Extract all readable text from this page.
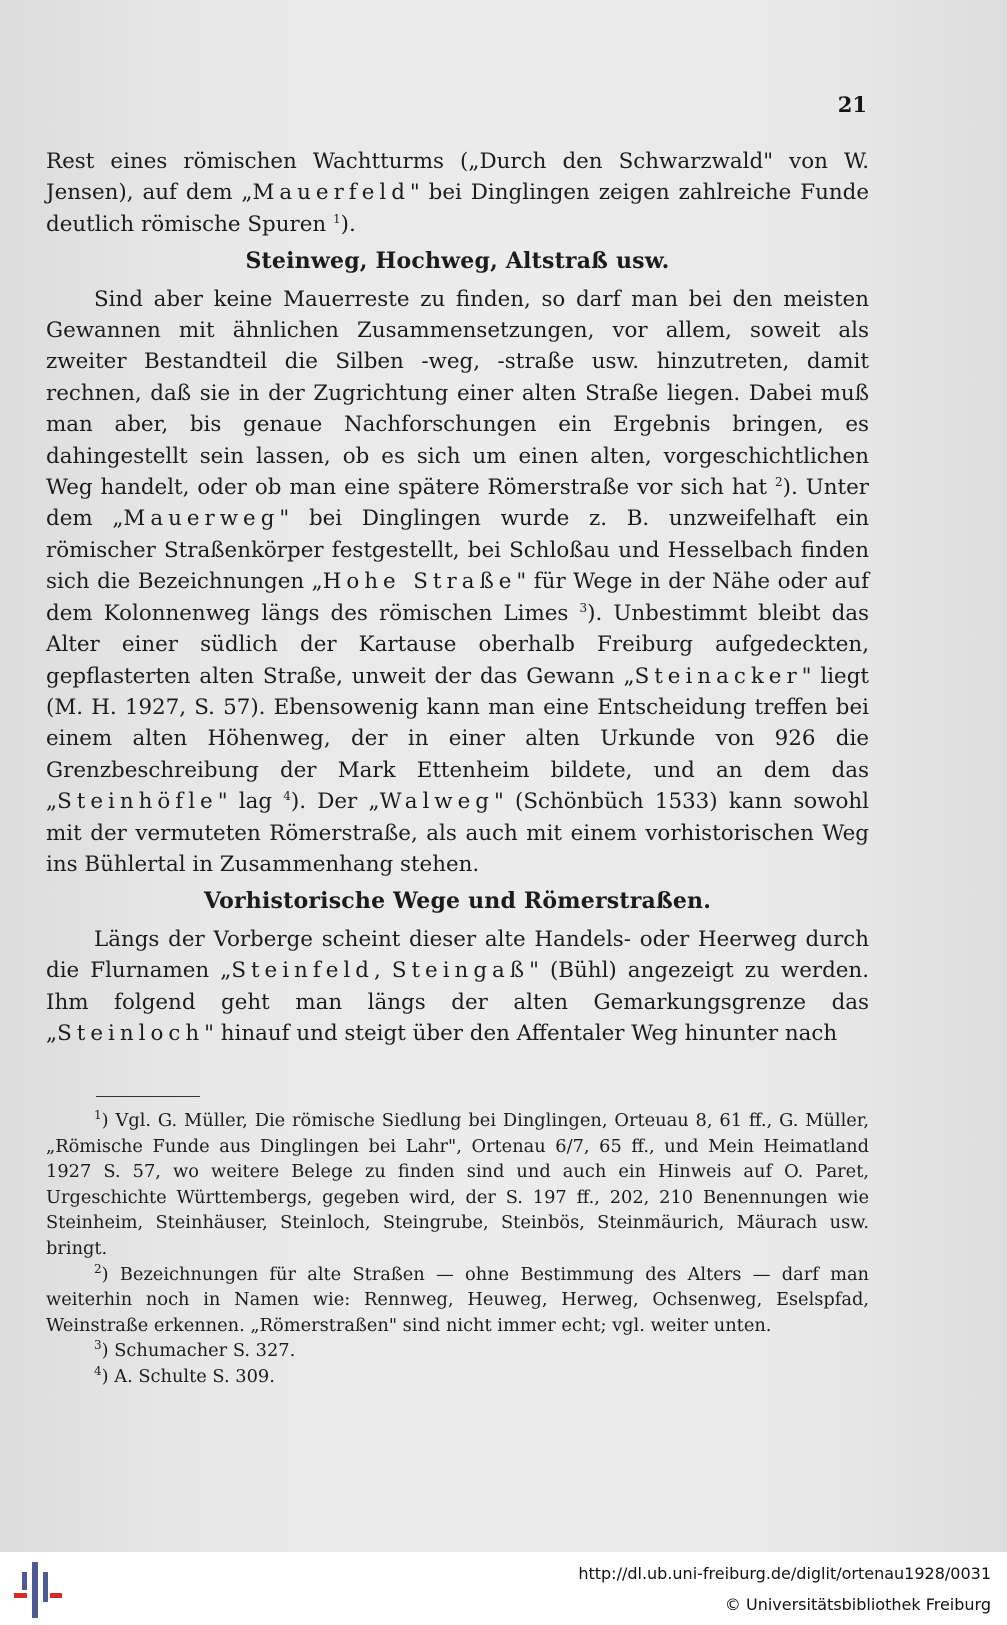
21

Rest eines römischen Wachtturms („Durch den Schwarzwald" von W. Jensen), auf dem „Mauerfeld" bei Dinglingen zeigen zahlreiche Funde deutlich römische Spuren $^1$).

Steinweg, Hochweg, Altstraß usw.

Sind aber keine Mauerreste zu finden, so darf man bei den meisten Gewannen mit ähnlichen Zusammensetzungen, vor allem, soweit als zweiter Bestandteil die Silben -weg, -straße usw. hinzutreten, damit rechnen, daß sie in der Zugrichtung einer alten Straße liegen. Dabei muß man aber, bis genaue Nachforschungen ein Ergebnis bringen, es dahingestellt sein lassen, ob es sich um einen alten, vorgeschichtlichen Weg handelt, oder ob man eine spätere Römerstraße vor sich hat $^2$). Unter dem „Mauerweg" bei Dinglingen wurde z. B. unzweifelhaft ein römischer Straßenkörper festgestellt, bei Schloßau und Hesselbach finden sich die Bezeichnungen „Hohe Straße" für Wege in der Nähe oder auf dem Kolonnenweg längs des römischen Limes $^3$). Unbestimmt bleibt das Alter einer südlich der Kartause oberhalb Freiburg aufgedeckten, gepflasterten alten Straße, unweit der das Gewann „Steinacker" liegt (M. H. 1927, S. 57). Ebensowenig kann man eine Entscheidung treffen bei einem alten Höhenweg, der in einer alten Urkunde von 926 die Grenzbeschreibung der Mark Ettenheim bildete, und an dem das „Steinhöfle" lag $^4$). Der „Walweg" (Schönbüch 1533) kann sowohl mit der vermuteten Römerstraße, als auch mit einem vorhistorischen Weg ins Bühlertal in Zusammenhang stehen.

Vorhistorische Wege und Römerstraßen.

Längs der Vorberge scheint dieser alte Handels- oder Heerweg durch die Flurnamen „Steinfeld, Steingaß" (Bühl) angezeigt zu werden. Ihm folgend geht man längs der alten Gemarkungsgrenze das „Steinloch" hinauf und steigt über den Affentaler Weg hinunter nach

$^1$) Vgl. G. Müller, Die römische Siedlung bei Dinglingen, Orteuau 8, 61 ff., G. Müller, „Römische Funde aus Dinglingen bei Lahr", Ortenau 6/7, 65 ff., und Mein Heimatland 1927 S. 57, wo weitere Belege zu finden sind und auch ein Hinweis auf O. Paret, Urgeschichte Württembergs, gegeben wird, der S. 197 ff., 202, 210 Benennungen wie Steinheim, Steinhäuser, Steinloch, Steingrube, Steinbös, Steinmäurich, Mäurach usw. bringt.

$^2$) Bezeichnungen für alte Straßen — ohne Bestimmung des Alters — darf man weiterhin noch in Namen wie: Rennweg, Heuweg, Herweg, Ochsenweg, Eselspfad, Weinstraße erkennen. „Römerstraßen" sind nicht immer echt; vgl. weiter unten.

$^3$) Schumacher S. 327.

$^4$) A. Schulte S. 309.

http://dl.ub.uni-freiburg.de/diglit/ortenau1928/0031
© Universitätsbibliothek Freiburg
